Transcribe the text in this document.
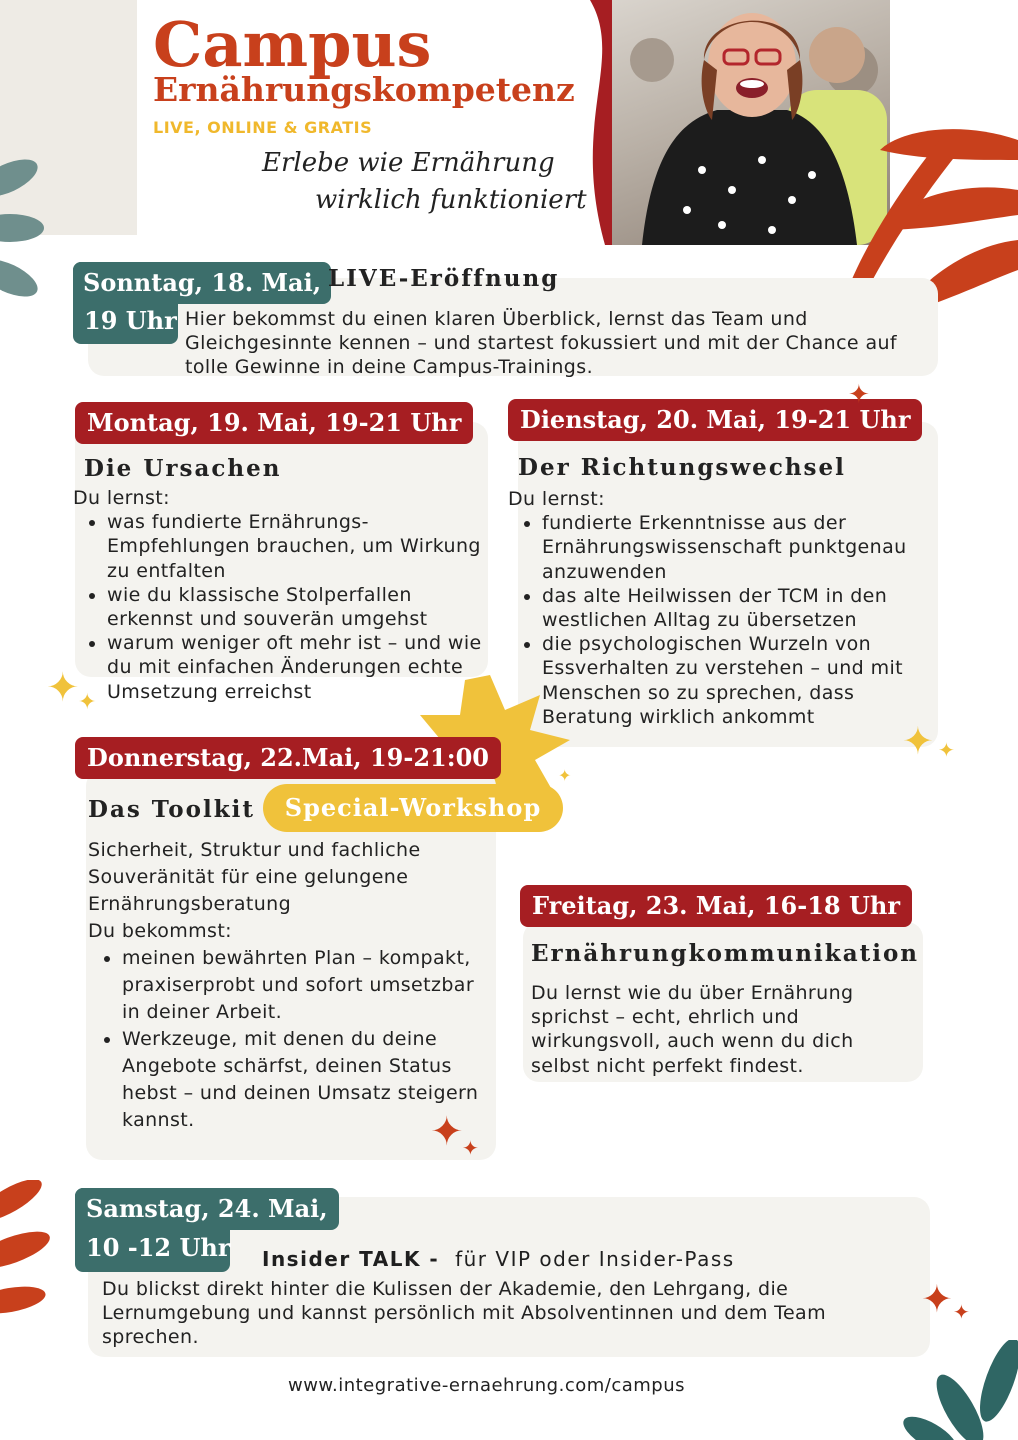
Campus
Ernährungskompetenz
LIVE, ONLINE & GRATIS
Erlebe wie Ernährung
wirklich funktioniert
Sonntag, 18. Mai,
19 Uhr
LIVE-Eröffnung
Hier bekommst du einen klaren Überblick, lernst das Team und Gleichgesinnte kennen – und startest fokussiert und mit der Chance auf tolle Gewinne in deine Campus-Trainings.
Montag, 19. Mai, 19-21 Uhr
Die Ursachen

Du lernst:

• was fundierte Ernährungs-Empfehlungen brauchen, um Wirkung zu entfalten
• wie du klassische Stolperfallen erkennst und souverän umgehst
• warum weniger oft mehr ist – und wie du mit einfachen Änderungen echte Umsetzung erreichst
Dienstag, 20. Mai, 19-21 Uhr
Der Richtungswechsel

Du lernst:

• fundierte Erkenntnisse aus der Ernährungswissenschaft punktgenau anzuwenden
• das alte Heilwissen der TCM in den westlichen Alltag zu übersetzen
• die psychologischen Wurzeln von Essverhalten zu verstehen – und mit Menschen so zu sprechen, dass Beratung wirklich ankommt
Donnerstag, 22.Mai, 19-21:00
Das Toolkit	Special-Workshop

Sicherheit, Struktur und fachliche Souveränität für eine gelungene Ernährungsberatung

Du bekommst:

• meinen bewährten Plan – kompakt, praxiserprobt und sofort umsetzbar in deiner Arbeit.
• Werkzeuge, mit denen du deine Angebote schärfst, deinen Status hebst – und deinen Umsatz steigern kannst.
Freitag, 23. Mai, 16-18 Uhr
Ernährungkommunikation
Du lernst wie du über Ernährung sprichst – echt, ehrlich und wirkungsvoll, auch wenn du dich selbst nicht perfekt findest.
Samstag, 24. Mai,
10 -12 Uhr Insider TALK - für VIP oder Insider-Pass
Du blickst direkt hinter die Kulissen der Akademie, den Lehrgang, die Lernumgebung und kannst persönlich mit Absolventinnen und dem Team sprechen.
www.integrative-ernaehrung.com/campus
✦
✦
✦
✦ ✦
✦
✦
✦
✦ ✦
